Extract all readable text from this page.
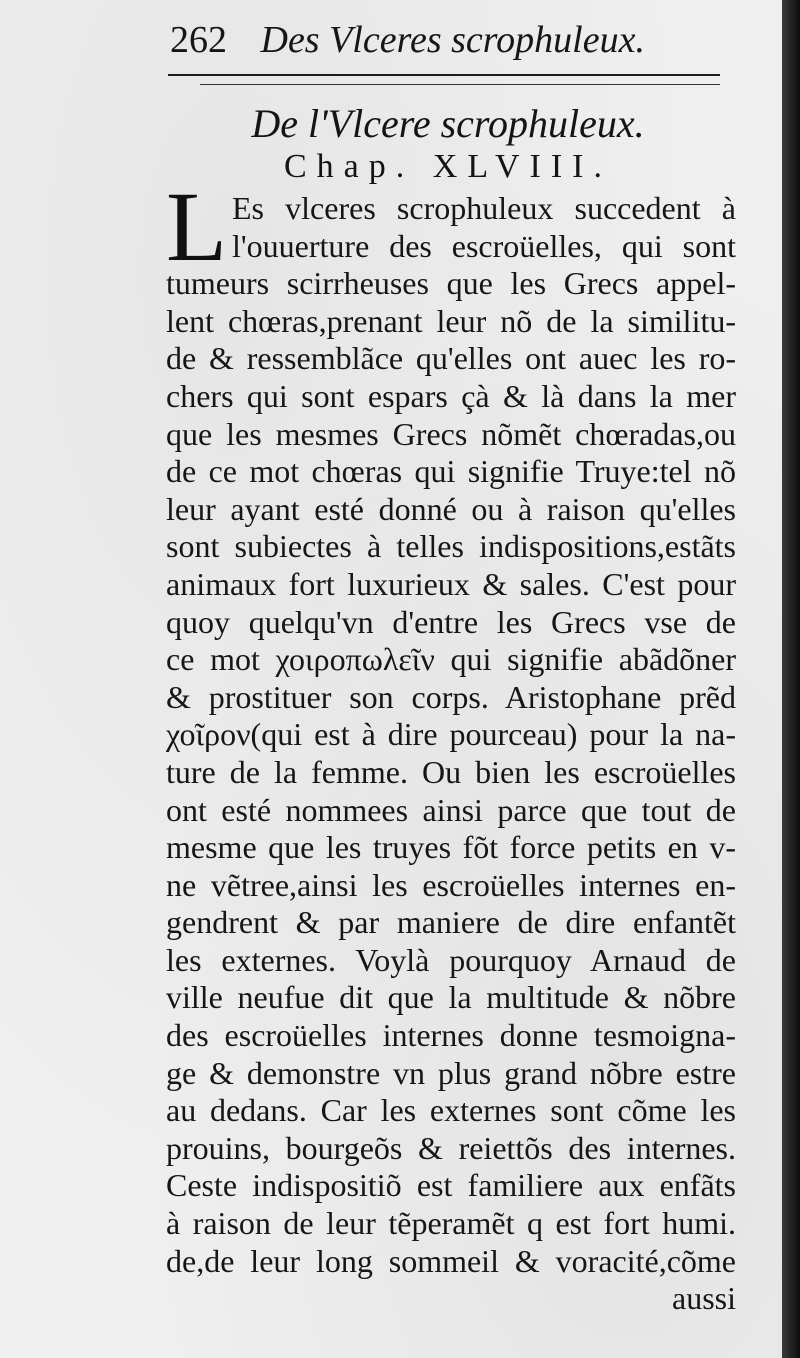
262 Des Vlceres scrophuleux.
De l'Vlcere scrophuleux.
Chap. XLVIII.
L Es vlceres scrophuleux succedent à
l'ouuerture des escroüelles, qui sont
tumeurs scirrheuses que les Grecs appel-
lent chœras,prenant leur nõ de la similitu-
de & ressemblãce qu'elles ont auec les ro-
chers qui sont espars çà & là dans la mer
que les mesmes Grecs nõmẽt chœradas,ou
de ce mot chœras qui signifie Truye:tel nõ
leur ayant esté donné ou à raison qu'elles
sont subiectes à telles indispositions,estãts
animaux fort luxurieux & sales. C'est pour
quoy quelqu'vn d'entre les Grecs vse de
ce mot χοιροπωλεῖν qui signifie abãdõner
& prostituer son corps. Aristophane prẽd
χοῖρον(qui est à dire pourceau) pour la na-
ture de la femme. Ou bien les escroüelles
ont esté nommees ainsi parce que tout de
mesme que les truyes fõt force petits en v-
ne vẽtree,ainsi les escroüelles internes en-
gendrent & par maniere de dire enfantẽt
les externes. Voylà pourquoy Arnaud de
ville neufue dit que la multitude & nõbre
des escroüelles internes donne tesmoigna-
ge & demonstre vn plus grand nõbre estre
au dedans. Car les externes sont cõme les
prouins, bourgeõs & reiettõs des internes.
Ceste indispositiõ est familiere aux enfãts
à raison de leur tẽperamẽt q est fort humi.
de,de leur long sommeil & voracité,cõme
aussi
